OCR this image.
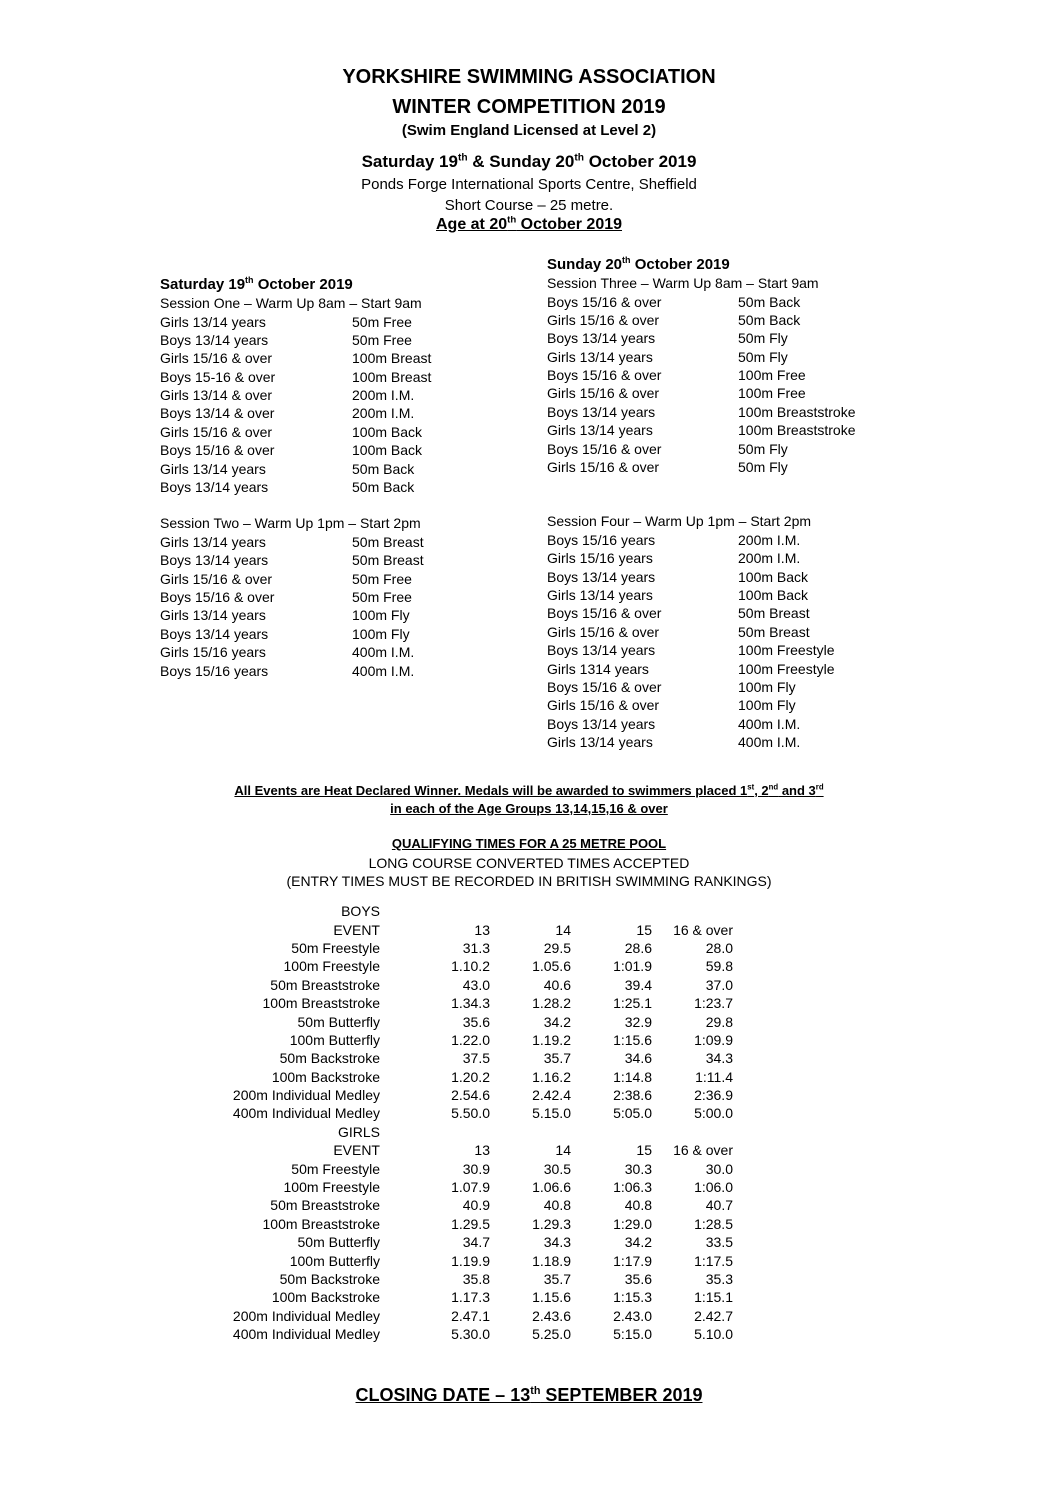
YORKSHIRE SWIMMING ASSOCIATION
WINTER COMPETITION 2019
(Swim England Licensed at Level 2)
Saturday 19th & Sunday 20th October 2019
Ponds Forge International Sports Centre, Sheffield
Short Course – 25 metre.
Age at 20th October 2019
Saturday 19th October 2019
Session One – Warm Up 8am – Start 9am
Girls 13/14 years	50m Free
Boys 13/14 years	50m Free
Girls 15/16 & over	100m Breast
Boys 15-16 & over	100m Breast
Girls 13/14 & over	200m I.M.
Boys 13/14 & over	200m I.M.
Girls 15/16 & over	100m Back
Boys 15/16 & over	100m Back
Girls 13/14 years	50m Back
Boys 13/14 years	50m Back
Session Two – Warm Up 1pm – Start 2pm
Girls 13/14 years	50m Breast
Boys 13/14 years	50m Breast
Girls 15/16 & over	50m Free
Boys 15/16 & over	50m Free
Girls 13/14 years	100m Fly
Boys 13/14 years	100m Fly
Girls 15/16 years	400m I.M.
Boys 15/16 years	400m I.M.
Sunday 20th October 2019
Session Three – Warm Up 8am – Start 9am
Boys 15/16 & over	50m Back
Girls 15/16 & over	50m Back
Boys 13/14 years	50m Fly
Girls 13/14 years	50m Fly
Boys 15/16 & over	100m Free
Girls 15/16 & over	100m Free
Boys 13/14 years	100m Breaststroke
Girls 13/14 years	100m Breaststroke
Boys 15/16 & over	50m Fly
Girls 15/16 & over	50m Fly
Session Four – Warm Up 1pm – Start 2pm
Boys 15/16 years	200m I.M.
Girls 15/16 years	200m I.M.
Boys 13/14 years	100m Back
Girls 13/14 years	100m Back
Boys 15/16 & over	50m Breast
Girls 15/16 & over	50m Breast
Boys 13/14 years	100m Freestyle
Girls 1314 years	100m Freestyle
Boys 15/16 & over	100m Fly
Girls 15/16 & over	100m Fly
Boys 13/14 years	400m I.M.
Girls 13/14 years	400m I.M.
All Events are Heat Declared Winner. Medals will be awarded to swimmers placed 1st, 2nd and 3rd
in each of the Age Groups 13,14,15,16 & over
QUALIFYING TIMES FOR A 25 METRE POOL
LONG COURSE CONVERTED TIMES ACCEPTED
(ENTRY TIMES MUST BE RECORDED IN BRITISH SWIMMING RANKINGS)
BOYS				
EVENT	13	14	15	16 & over
50m Freestyle	31.3	29.5	28.6	28.0
100m Freestyle	1.10.2	1.05.6	1:01.9	59.8
50m Breaststroke	43.0	40.6	39.4	37.0
100m Breaststroke	1.34.3	1.28.2	1:25.1	1:23.7
50m Butterfly	35.6	34.2	32.9	29.8
100m Butterfly	1.22.0	1.19.2	1:15.6	1:09.9
50m Backstroke	37.5	35.7	34.6	34.3
100m Backstroke	1.20.2	1.16.2	1:14.8	1:11.4
200m Individual Medley	2.54.6	2.42.4	2:38.6	2:36.9
400m Individual Medley	5.50.0	5.15.0	5:05.0	5:00.0
GIRLS				
EVENT	13	14	15	16 & over
50m Freestyle	30.9	30.5	30.3	30.0
100m Freestyle	1.07.9	1.06.6	1:06.3	1:06.0
50m Breaststroke	40.9	40.8	40.8	40.7
100m Breaststroke	1.29.5	1.29.3	1:29.0	1:28.5
50m Butterfly	34.7	34.3	34.2	33.5
100m Butterfly	1.19.9	1.18.9	1:17.9	1:17.5
50m Backstroke	35.8	35.7	35.6	35.3
100m Backstroke	1.17.3	1.15.6	1:15.3	1:15.1
200m Individual Medley	2.47.1	2.43.6	2.43.0	2.42.7
400m Individual Medley	5.30.0	5.25.0	5:15.0	5.10.0
CLOSING DATE – 13th SEPTEMBER 2019
